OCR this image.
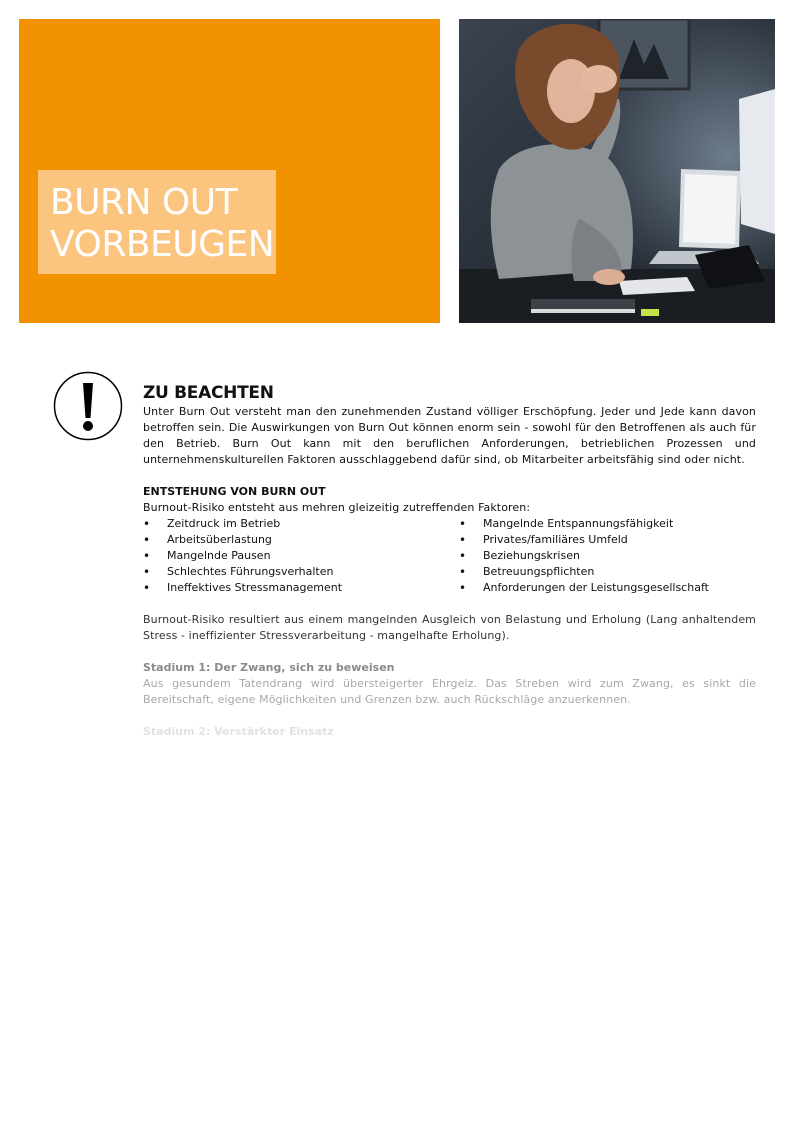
BURN OUT
VORBEUGEN
ZU BEACHTEN

Unter Burn Out versteht man den zunehmenden Zustand völliger Erschöpfung. Jeder und Jede kann davon betroffen sein. Die Auswirkungen von Burn Out können enorm sein - sowohl für den Betroffenen als auch für den Betrieb. Burn Out kann mit den beruflichen Anforderungen, betrieblichen Prozessen und unternehmenskulturellen Faktoren ausschlaggebend dafür sind, ob Mitarbeiter arbeitsfähig sind oder nicht.

ENTSTEHUNG VON BURN OUT

Burnout-Risiko entsteht aus mehren gleizeitig zutreffenden Faktoren:

• Zeitdruck im Betrieb
• Arbeitsüberlastung
• Mangelnde Pausen
• Schlechtes Führungsverhalten
• Ineffektives Stressmanagement
• Mangelnde Entspannungsfähigkeit
• Privates/familiäres Umfeld
• Beziehungskrisen
• Betreuungspflichten
• Anforderungen der Leistungsgesellschaft

Burnout-Risiko resultiert aus einem mangelnden Ausgleich von Belastung und Erholung (Lang anhaltendem Stress - ineffizienter Stressverarbeitung - mangelhafte Erholung).

Stadium 1: Der Zwang, sich zu beweisen

Aus gesundem Tatendrang wird übersteigerter Ehrgeiz. Das Streben wird zum Zwang, es sinkt die Bereitschaft, eigene Möglichkeiten und Grenzen bzw. auch Rückschläge anzuerkennen.

Stadium 2: Verstärkter Einsatz
